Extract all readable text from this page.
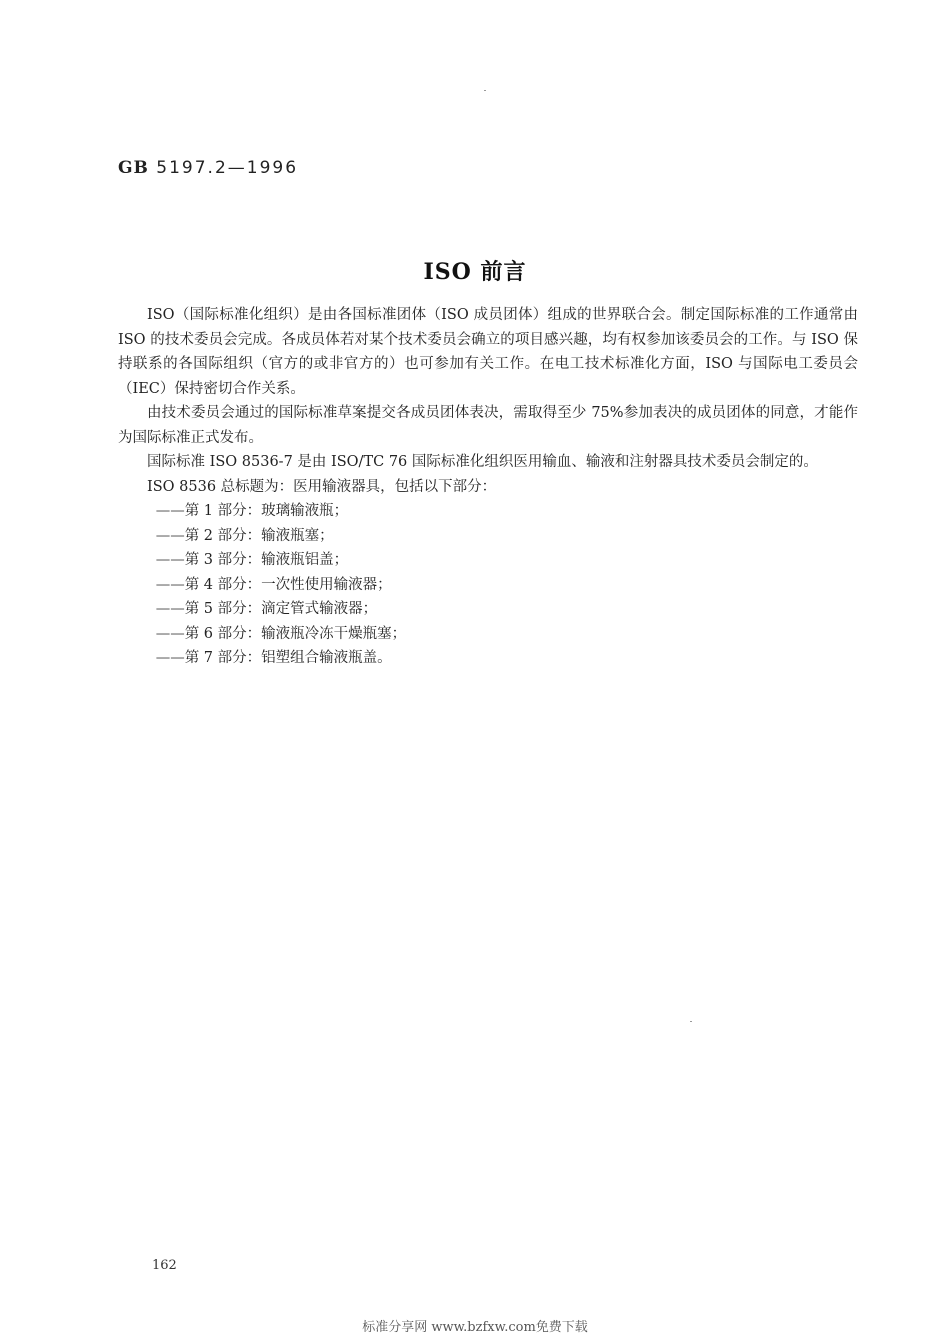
GB 5197.2—1996
ISO 前言

ISO（国际标准化组织）是由各国标准团体（ISO 成员团体）组成的世界联合会。制定国际标准的工作通常由 ISO 的技术委员会完成。各成员体若对某个技术委员会确立的项目感兴趣，均有权参加该委员会的工作。与 ISO 保持联系的各国际组织（官方的或非官方的）也可参加有关工作。在电工技术标准化方面，ISO 与国际电工委员会（IEC）保持密切合作关系。

由技术委员会通过的国际标准草案提交各成员团体表决，需取得至少 75%参加表决的成员团体的同意，才能作为国际标准正式发布。

国际标准 ISO 8536-7 是由 ISO/TC 76 国际标准化组织医用输血、输液和注射器具技术委员会制定的。

ISO 8536 总标题为：医用输液器具，包括以下部分：

——第 1 部分：玻璃输液瓶；
——第 2 部分：输液瓶塞；
——第 3 部分：输液瓶铝盖；
——第 4 部分：一次性使用输液器；
——第 5 部分：滴定管式输液器；
——第 6 部分：输液瓶冷冻干燥瓶塞；
——第 7 部分：铝塑组合输液瓶盖。
162
标准分享网 www.bzfxw.com免费下载
